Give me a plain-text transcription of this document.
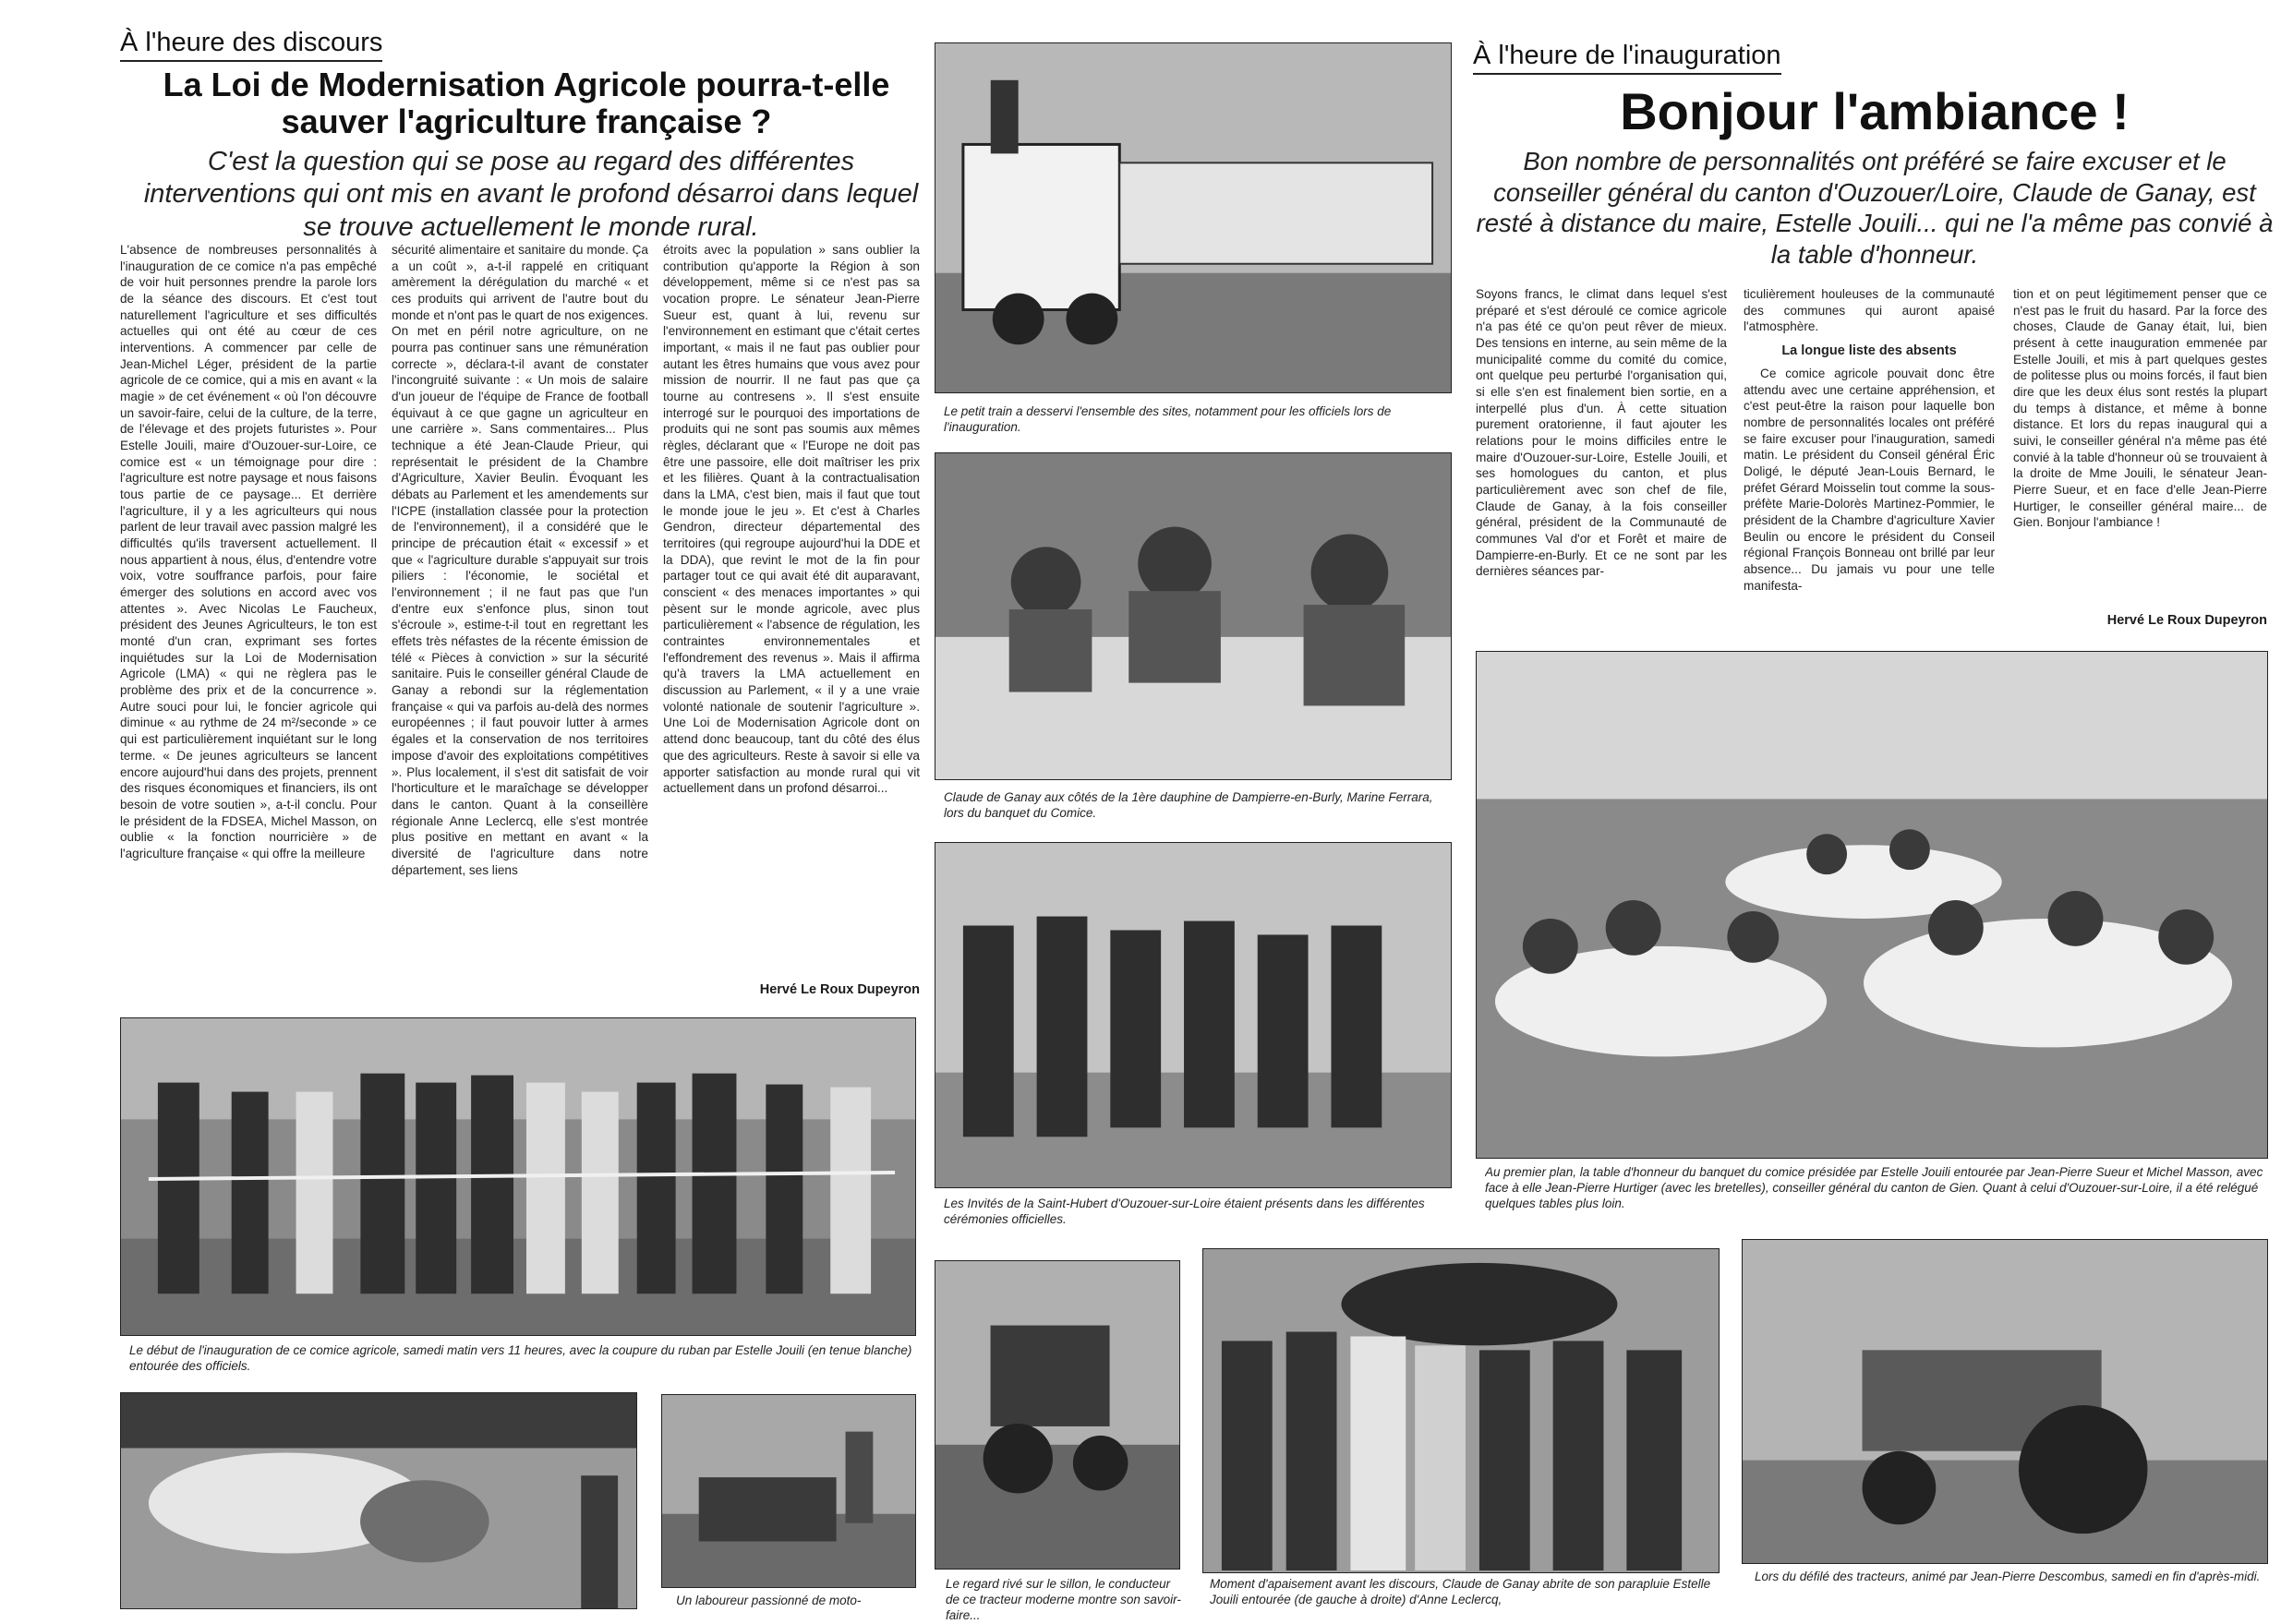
À l'heure des discours
La Loi de Modernisation Agricole pourra-t-elle sauver l'agriculture française ?
C'est la question qui se pose au regard des différentes interventions qui ont mis en avant le profond désarroi dans lequel se trouve actuellement le monde rural.

L'absence de nombreuses personnalités à l'inauguration de ce comice n'a pas empêché de voir huit personnes prendre la parole lors de la séance des discours. Et c'est tout naturellement l'agriculture et ses difficultés actuelles qui ont été au cœur de ces interventions. A commencer par celle de Jean-Michel Léger, président de la partie agricole de ce comice, qui a mis en avant « la magie » de cet événement « où l'on découvre un savoir-faire, celui de la culture, de la terre, de l'élevage et des projets futuristes ». Pour Estelle Jouili, maire d'Ouzouer-sur-Loire, ce comice est « un témoignage pour dire : l'agriculture est notre paysage et nous faisons tous partie de ce paysage... Et derrière l'agriculture, il y a les agriculteurs qui nous parlent de leur travail avec passion malgré les difficultés qu'ils traversent actuellement. Il nous appartient à nous, élus, d'entendre votre voix, votre souffrance parfois, pour faire émerger des solutions en accord avec vos attentes ». Avec Nicolas Le Faucheux, président des Jeunes Agriculteurs, le ton est monté d'un cran, exprimant ses fortes inquiétudes sur la Loi de Modernisation Agricole (LMA) « qui ne règlera pas le problème des prix et de la concurrence ». Autre souci pour lui, le foncier agricole qui diminue « au rythme de 24 m²/seconde » ce qui est particulièrement inquiétant sur le long terme. « De jeunes agriculteurs se lancent encore aujourd'hui dans des projets, prennent des risques économiques et financiers, ils ont besoin de votre soutien », a-t-il conclu. Pour le président de la FDSEA, Michel Masson, on oublie « la fonction nourricière » de l'agriculture française « qui offre la meilleure

sécurité alimentaire et sanitaire du monde. Ça a un coût », a-t-il rappelé en critiquant amèrement la dérégulation du marché « et ces produits qui arrivent de l'autre bout du monde et n'ont pas le quart de nos exigences. On met en péril notre agriculture, on ne pourra pas continuer sans une rémunération correcte », déclara-t-il avant de constater l'incongruité suivante : « Un mois de salaire d'un joueur de l'équipe de France de football équivaut à ce que gagne un agriculteur en une carrière ». Sans commentaires... Plus technique a été Jean-Claude Prieur, qui représentait le président de la Chambre d'Agriculture, Xavier Beulin. Évoquant les débats au Parlement et les amendements sur l'ICPE (installation classée pour la protection de l'environnement), il a considéré que le principe de précaution était « excessif » et que « l'agriculture durable s'appuyait sur trois piliers : l'économie, le sociétal et l'environnement ; il ne faut pas que l'un d'entre eux s'enfonce plus, sinon tout s'écroule », estime-t-il tout en regrettant les effets très néfastes de la récente émission de télé « Pièces à conviction » sur la sécurité sanitaire. Puis le conseiller général Claude de Ganay a rebondi sur la réglementation française « qui va parfois au-delà des normes européennes ; il faut pouvoir lutter à armes égales et la conservation de nos territoires impose d'avoir des exploitations compétitives ». Plus localement, il s'est dit satisfait de voir l'horticulture et le maraîchage se développer dans le canton. Quant à la conseillère régionale Anne Leclercq, elle s'est montrée plus positive en mettant en avant « la diversité de l'agriculture dans notre département, ses liens

étroits avec la population » sans oublier la contribution qu'apporte la Région à son développement, même si ce n'est pas sa vocation propre. Le sénateur Jean-Pierre Sueur est, quant à lui, revenu sur l'environnement en estimant que c'était certes important, « mais il ne faut pas oublier pour autant les êtres humains que vous avez pour mission de nourrir. Il ne faut pas que ça tourne au contresens ». Il s'est ensuite interrogé sur le pourquoi des importations de produits qui ne sont pas soumis aux mêmes règles, déclarant que « l'Europe ne doit pas être une passoire, elle doit maîtriser les prix et les filières. Quant à la contractualisation dans la LMA, c'est bien, mais il faut que tout le monde joue le jeu ». Et c'est à Charles Gendron, directeur départemental des territoires (qui regroupe aujourd'hui la DDE et la DDA), que revint le mot de la fin pour partager tout ce qui avait été dit auparavant, conscient « des menaces importantes » qui pèsent sur le monde agricole, avec plus particulièrement « l'absence de régulation, les contraintes environnementales et l'effondrement des revenus ». Mais il affirma qu'à travers la LMA actuellement en discussion au Parlement, « il y a une vraie volonté nationale de soutenir l'agriculture ». Une Loi de Modernisation Agricole dont on attend donc beaucoup, tant du côté des élus que des agriculteurs. Reste à savoir si elle va apporter satisfaction au monde rural qui vit actuellement dans un profond désarroi...

Hervé Le Roux Dupeyron
Le début de l'inauguration de ce comice agricole, samedi matin vers 11 heures, avec la coupure du ruban par Estelle Jouili (en tenue blanche) entourée des officiels.
Un laboureur passionné de moto-
Le petit train a desservi l'ensemble des sites, notamment pour les officiels lors de l'inauguration.
Claude de Ganay aux côtés de la 1ère dauphine de Dampierre-en-Burly, Marine Ferrara, lors du banquet du Comice.
Les Invités de la Saint-Hubert d'Ouzouer-sur-Loire étaient présents dans les différentes cérémonies officielles.
Le regard rivé sur le sillon, le conducteur de ce tracteur moderne montre son savoir-faire...
À l'heure de l'inauguration
Bonjour l'ambiance !
Bon nombre de personnalités ont préféré se faire excuser et le conseiller général du canton d'Ouzouer/Loire, Claude de Ganay, est resté à distance du maire, Estelle Jouili... qui ne l'a même pas convié à la table d'honneur.

Soyons francs, le climat dans lequel s'est préparé et s'est déroulé ce comice agricole n'a pas été ce qu'on peut rêver de mieux. Des tensions en interne, au sein même de la municipalité comme du comité du comice, ont quelque peu perturbé l'organisation qui, si elle s'en est finalement bien sortie, en a interpellé plus d'un. À cette situation purement oratorienne, il faut ajouter les relations pour le moins difficiles entre le maire d'Ouzouer-sur-Loire, Estelle Jouili, et ses homologues du canton, et plus particulièrement avec son chef de file, Claude de Ganay, à la fois conseiller général, président de la Communauté de communes Val d'or et Forêt et maire de Dampierre-en-Burly. Et ce ne sont par les dernières séances par-

ticulièrement houleuses de la communauté des communes qui auront apaisé l'atmosphère.

La longue liste des absents

Ce comice agricole pouvait donc être attendu avec une certaine appréhension, et c'est peut-être la raison pour laquelle bon nombre de personnalités locales ont préféré se faire excuser pour l'inauguration, samedi matin. Le président du Conseil général Éric Doligé, le député Jean-Louis Bernard, le préfet Gérard Moisselin tout comme la sous-préfète Marie-Dolorès Martinez-Pommier, le président de la Chambre d'agriculture Xavier Beulin ou encore le président du Conseil régional François Bonneau ont brillé par leur absence... Du jamais vu pour une telle manifesta-

tion et on peut légitimement penser que ce n'est pas le fruit du hasard. Par la force des choses, Claude de Ganay était, lui, bien présent à cette inauguration emmenée par Estelle Jouili, et mis à part quelques gestes de politesse plus ou moins forcés, il faut bien dire que les deux élus sont restés la plupart du temps à distance, et même à bonne distance. Et lors du repas inaugural qui a suivi, le conseiller général n'a même pas été convié à la table d'honneur où se trouvaient à la droite de Mme Jouili, le sénateur Jean-Pierre Sueur, et en face d'elle Jean-Pierre Hurtiger, le conseiller général maire... de Gien. Bonjour l'ambiance !

Hervé Le Roux Dupeyron
Au premier plan, la table d'honneur du banquet du comice présidée par Estelle Jouili entourée par Jean-Pierre Sueur et Michel Masson, avec face à elle Jean-Pierre Hurtiger (avec les bretelles), conseiller général du canton de Gien. Quant à celui d'Ouzouer-sur-Loire, il a été relégué quelques tables plus loin.
Moment d'apaisement avant les discours, Claude de Ganay abrite de son parapluie Estelle Jouili entourée (de gauche à droite) d'Anne Leclercq,
Lors du défilé des tracteurs, animé par Jean-Pierre Descombus, samedi en fin d'après-midi.
